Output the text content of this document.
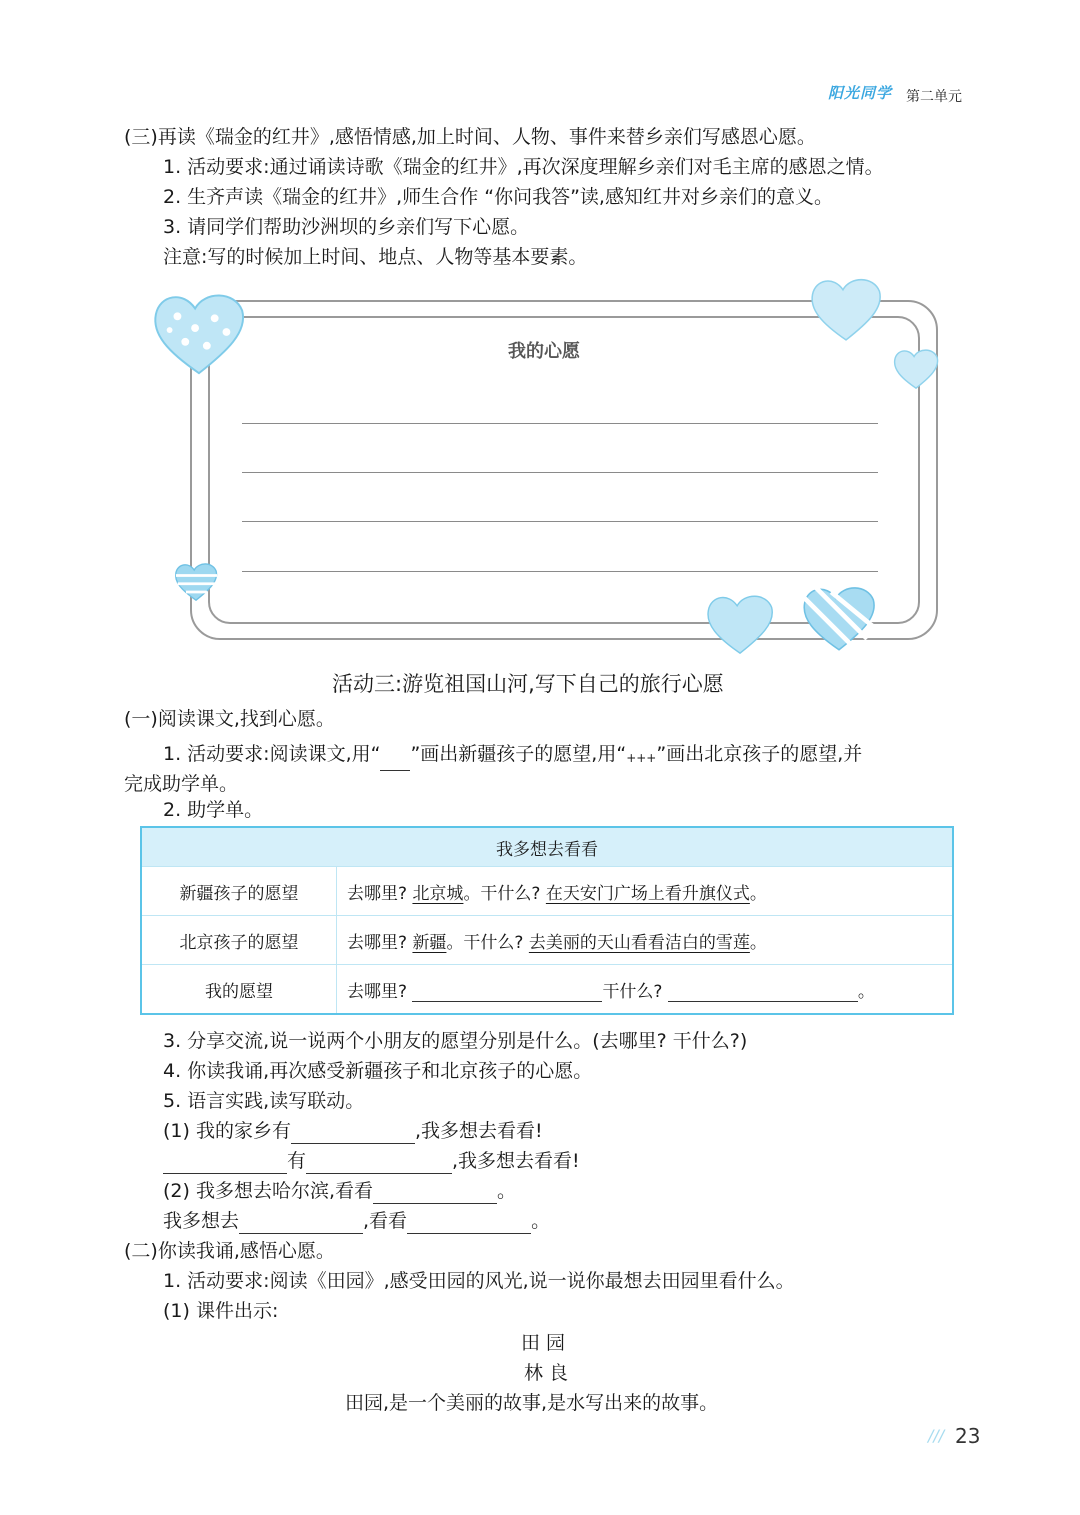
阳光同学 第二单元
(三)再读《瑞金的红井》,感悟情感,加上时间、人物、事件来替乡亲们写感恩心愿。
1. 活动要求:通过诵读诗歌《瑞金的红井》,再次深度理解乡亲们对毛主席的感恩之情。
2. 生齐声读《瑞金的红井》,师生合作 “你问我答”读,感知红井对乡亲们的意义。
3. 请同学们帮助沙洲坝的乡亲们写下心愿。
注意:写的时候加上时间、地点、人物等基本要素。
我的心愿
活动三:游览祖国山河,写下自己的旅行心愿
(一)阅读课文,找到心愿。
1. 活动要求:阅读课文,用“ ”画出新疆孩子的愿望,用“+++”画出北京孩子的愿望,并
完成助学单。
2. 助学单。
我多想去看看	
新疆孩子的愿望	去哪里? 北京城。干什么? 在天安门广场上看升旗仪式。
北京孩子的愿望	去哪里? 新疆。干什么? 去美丽的天山看看洁白的雪莲。
我的愿望	去哪里? 干什么? 。
3. 分享交流,说一说两个小朋友的愿望分别是什么。(去哪里? 干什么?)
4. 你读我诵,再次感受新疆孩子和北京孩子的心愿。
5. 语言实践,读写联动。
(1) 我的家乡有	,我多想去看看!
有	,我多想去看看!
(2) 我多想去哈尔滨,看看	。
我多想去	,看看	。
(二)你读我诵,感悟心愿。
1. 活动要求:阅读《田园》,感受田园的风光,说一说你最想去田园里看什么。
(1) 课件出示:
田 园
林 良
田园,是一个美丽的故事,是水写出来的故事。
/// 23
